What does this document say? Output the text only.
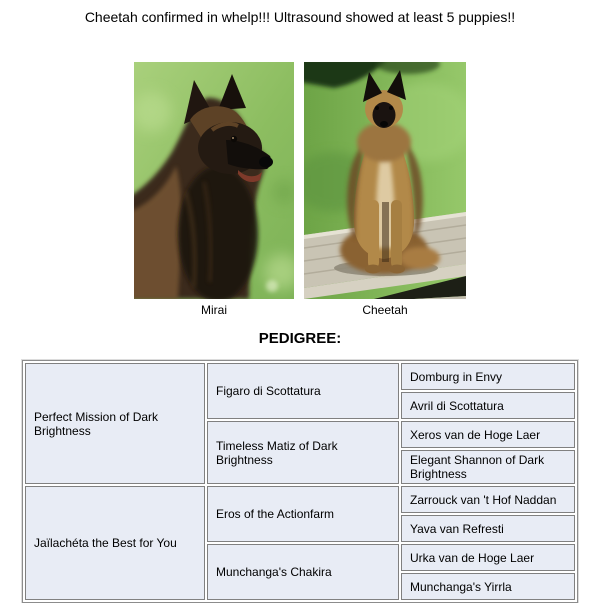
Cheetah confirmed in whelp!!! Ultrasound showed at least 5 puppies!!
Mirai	Cheetah
PEDIGREE:
Perfect Mission of Dark Brightness	Figaro di Scottatura	Domburg in Envy
		Avril di Scottatura
	Timeless Matiz of Dark Brightness	Xeros van de Hoge Laer
		Elegant Shannon of Dark Brightness
Jaïlachéta the Best for You	Eros of the Actionfarm	Zarrouck van 't Hof Naddan
		Yava van Refresti
	Munchanga's Chakira	Urka van de Hoge Laer
		Munchanga's Yirrla
